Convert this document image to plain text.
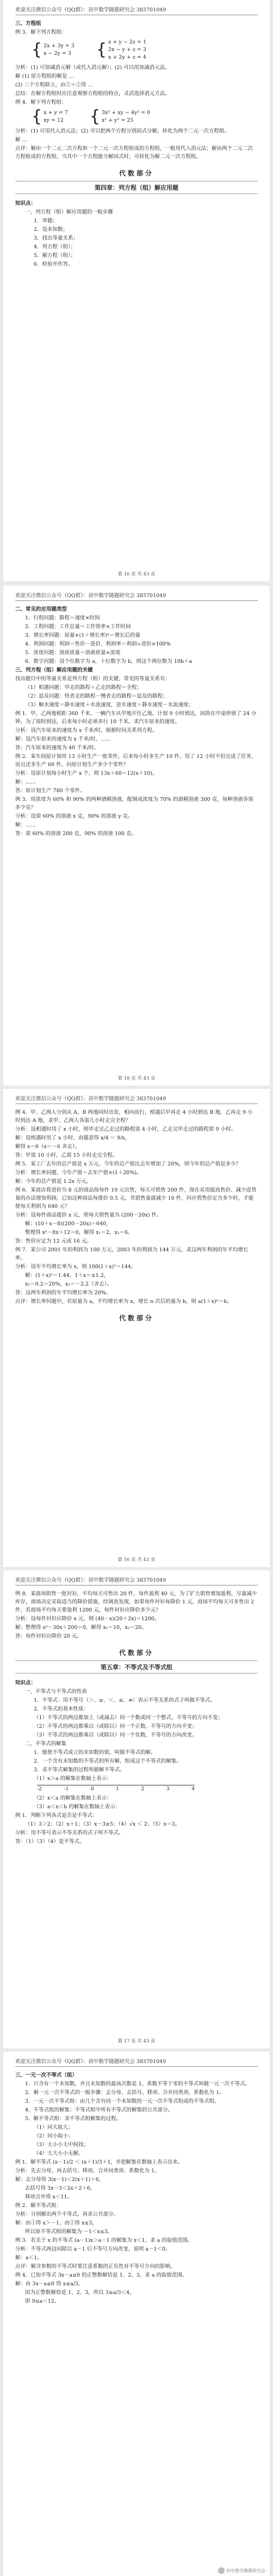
欢迎关注微信公众号《QQ群》：初中数学随题研究会 383701049
三、方程组
例 3．解下列方程组：
{ 2x + 3y = 3
x − 2y = 3 { x + y − 2z = 1
2x − y + z = 3
x + 2y + z = 4
分析：(1) 可加减消元解（或代入消元解）；(2) 可以用加减消元法。
解 (1) 原方程组的解是 …
(2) 三个方程联立，由①＋②得 …
总结：在解方程组时应注意观察方程组的特点，灵活选择消元方法。
例 4．解下列方程组：
{ x + y = 7
xy = 12 { 3x² + xy − 4y² = 0
x² + y² = 25
分析：(1) 可用代入消元法；(2) 可以把两个方程分别因式分解，转化为两个二元一次方程组。
解 …
点评：解由一个二元二次方程和一个二元一次方程组成的方程组，一般用代入消元法；解由两个二元二次方程组成的方程组，当其中一个方程能分解因式时，可转化为解二元一次方程组。
代数部分
第四章：列方程（组）解应用题
知识点：
一、列方程（组）解应用题的一般步骤
1．审题；
2．设未知数；
3．找出等量关系；
4．列方程（组）；
5．解方程（组）；
6．检验并作答。
第 16 页 共 43 页
欢迎关注微信公众号《QQ群》：初中数学随题研究会 383701049
二、常见的应用题类型
1．行程问题：路程＝速度×时间
2．工程问题：工作总量＝工作效率×工作时间
3．增长率问题：原量×(1＋增长率)ⁿ＝增长后的量
4．利润问题：利润＝售价－进价，利润率＝利润÷进价×100%
5．浓度问题：溶质质量＝溶液质量×浓度
6．数字问题：设个位数字为 a，十位数字为 b，则这个两位数为 10b＋a
三、列方程（组）解应用题的关键
找出题目中的等量关系是列方程（组）的关键，常见的等量关系有：
（1）相遇问题：甲走的路程＋乙走的路程＝全程；
（2）追及问题：快者走的路程－慢者走的路程＝追及的路程；
（3）顺水速度＝静水速度＋水流速度，逆水速度＝静水速度－水流速度；
例 1．甲、乙两地相距 360 千米，一辆汽车从甲地开往乙地，计划 9 小时到达，因故在中途停留了 24 分钟，为了按时到达，后来每小时必须多行 10 千米，求汽车原来的速度。
分析：设汽车原来的速度为 x 千米/时，根据时间关系列方程。
解：设汽车原来的速度为 x 千米/时，……
答：汽车原来的速度为 40 千米/时。
例 2．某车间原计划用 13 小时生产一批零件，后来每小时多生产 10 件，用了 12 小时不但完成了任务，而且还多生产 60 件，问原计划生产多少个零件？
分析：设原计划每小时生产 x 个，则 13x＋60＝12(x＋10)。
解：……
答：原计划生产 780 个零件。
例 3．用浓度为 60% 和 90% 的两种酒精溶液，配制成浓度为 70% 的酒精溶液 300 克，每种溶液各需多少克？
分析：设需 60% 的溶液 x 克，90% 的溶液 y 克。
解：……
答：需 60% 的溶液 200 克，90% 的溶液 100 克。
第 18 页 共 43 页
欢迎关注微信公众号《QQ群》：初中数学随题研究会 383701049
例 4．甲、乙两人分别从 A、B 两地同时出发，相向而行，相遇后甲再走 4 小时到达 B 地，乙再走 9 小时到达 A 地，求甲、乙两人各需几小时走完全程？
分析：设相遇时用了 x 小时，则甲走完乙走过的路程需 4 小时，乙走完甲走过的路程需 9 小时。
解：设相遇时用了 x 小时，由题意得 x/4 ＝ 9/x，
解得 x＝6（x＝－6 舍去）。
答：甲需 10 小时，乙需 15 小时走完全程。
例 5．某工厂去年的总产值是 x 万元，今年的总产值比去年增加了 20%，则今年的总产值是多少？
分析：增长率问题，今年产值＝去年产值×(1＋20%)。
解：今年的总产值是 1.2x 万元。
例 6．某商店将进价为 8 元的商品按每件 10 元出售，每天可销售 200 件，现在采用提高售价、减少进货量的办法增加利润，已知这种商品每涨价 0.5 元，其销售量就减少 10 件，问应将售价定为多少时，才能使每天利润为 640 元？
分析：设每件商品提价 x 元，则每天销售量为 (200－20x) 件。
解：(10＋x－8)(200－20x)＝640，
整理得 x²－8x＋12＝0，解得 x₁＝2，x₂＝6。
答：售价应定为 12 元或 16 元。
例 7．某公司 2001 年的利润为 100 万元，2003 年的利润为 144 万元，求这两年利润的年平均增长率。
分析：设年平均增长率为 x，则 100(1＋x)²＝144。
解：(1＋x)²＝1.44，1＋x＝±1.2，
x₁＝0.2＝20%，x₂＝－2.2（舍去）。
答：这两年利润的年平均增长率为 20%。
点评：增长率问题中，若原量为 a，平均增长率为 x，增长 n 次后的量为 b，则 a(1＋x)ⁿ＝b。
代数部分
第 16 页 共 43 页
欢迎关注微信公众号《QQ群》：初中数学随题研究会 383701049
例 8．某商场销售一批衬衫，平均每天可售出 20 件，每件盈利 40 元，为了扩大销售增加盈利，尽量减少库存，商场决定采取适当的降价措施，经调查发现，如果每件衬衫每降价 1 元，商场平均每天可多售出 2 件，若商场平均每天要盈利 1200 元，每件衬衫应降价多少元？
分析：设每件衬衫应降价 x 元，则 (40－x)(20＋2x)＝1200。
解：整理得 x²－30x＋200＝0，解得 x₁＝10，x₂＝20。
答：每件衬衫应降价 20 元。
代数部分
第五章：不等式及不等式组
知识点：
一、不等式与不等式的性质
1．不等式：用不等号（＞、≥、＜、≤、≠）表示不等关系的式子叫做不等式。
2．不等式的基本性质：
（1）不等式的两边都加上（或减去）同一个数或同一个整式，不等号的方向不变；
（2）不等式的两边都乘以（或除以）同一个正数，不等号的方向不变；
（3）不等式的两边都乘以（或除以）同一个负数，不等号的方向改变。
二、不等式的解集
1．能使不等式成立的未知数的值，叫做不等式的解。
2．一个含有未知数的不等式的所有解，组成这个不等式的解集。
3．求不等式解集的过程叫做解不等式。
（1）x＞a 的解集在数轴上表示：
-2	-1	0	1	2	3	4
（2）x＜a 的解集在数轴上表示：
（3）a＜x＜b 的解集在数轴上表示：
例 1．判断下列各式是否是不等式：
（1）3＞2；（2）x＋1；（3）x－3≥5；（4）√x ＜ 2；（5）x＝3。
分析：用不等号表示不等关系的式子叫不等式。
答：（1）（3）（4）是不等式。
第 17 页 共 43 页
欢迎关注微信公众号《QQ群》：初中数学随题研究会 383701049
三、一元一次不等式（组）
1．只含有一个未知数，并且未知数的最高次数是 1，系数不等于零的不等式叫做一元一次不等式。
2．解一元一次不等式的一般步骤：去分母、去括号、移项、合并同类项、系数化为 1。
3．一元一次不等式组：由几个含有同一个未知数的一元一次不等式组成的不等式组。
4．不等式组的解集：不等式组中所有不等式的解集的公共部分。
5．解不等式组：求不等式组解集的过程。
（1）同大取大；
（2）同小取小；
（3）大小小大中间找；
（4）大大小小无解。
例 1．解不等式 (x－1)/2 ＜ (x＋1)/3＋1，并把解集在数轴上表示出来。
分析：先去分母，再去括号、移项、合并同类项、系数化为 1。
解：去分母得 3(x－1)＜2(x＋1)＋6，
去括号得 3x－3＜2x＋2＋6，
移项合并得 x＜11。
例 2．解不等式组：
分析：分别解出两个不等式，再求公共部分。
解：由①得 x＞－1，由②得 x≤3，
所以原不等式组的解集为 －1＜x≤3。
例 3．若关于 x 的不等式 (a－1)x＞a－1 的解集为 x＜1，求 a 的取值范围。
分析：不等式两边同除以 a－1 后不等号方向改变，说明 a－1＜0。
解：a＜1。
点评：解含参数的不等式时要注意系数的正负性对不等号方向的影响。
例 4．已知不等式 3x－a≤0 的正整数解恰是 1、2、3，求 a 的取值范围。
解：由 3x－a≤0 得 x≤a/3，
因为正整数解恰是 1、2、3，所以 3≤a/3＜4，
即 9≤a＜12。
初中数学随题研究会
